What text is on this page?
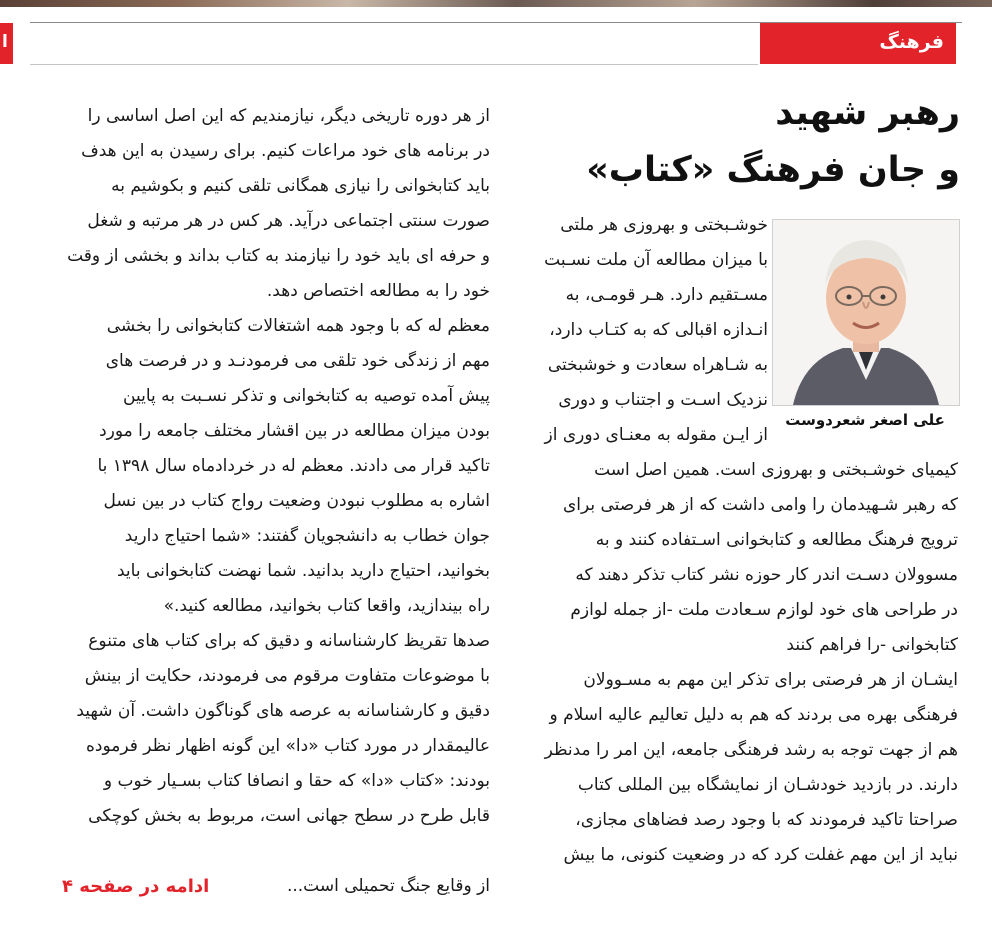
ا	فرهنگ
رهبر شهید
و جان فرهنگ «کتاب»
علی اصغر شعردوست
خوشـبختی و بهروزی هر ملتی
با میزان مطالعه آن ملت نسـبت
مسـتقیم دارد. هـر قومـی، به
انـدازه اقبالی که به کتـاب دارد،
به شـاهراه سعادت و خوشبختی
نزدیک اسـت و اجتناب و دوری
از ایـن مقوله به معنـای دوری از
کیمیای خوشـبختی و بهروزی است. همین اصل است
که رهبر شـهیدمان را وامی داشت که از هر فرصتی برای
ترویج فرهنگ مطالعه و کتابخوانی اسـتفاده کنند و به
مسوولان دسـت اندر کار حوزه نشر کتاب تذکر دهند که
در طراحی های خود لوازم سـعادت ملت -از جمله لوازم
کتابخوانی -را فراهم کنند
ایشـان از هر فرصتی برای تذکر این مهم به مسـوولان
فرهنگی بهره می بردند که هم به دلیل تعالیم عالیه اسلام و
هم از جهت توجه به رشد فرهنگی جامعه، این امر را مدنظر
دارند. در بازدید خودشـان از نمایشگاه بین المللی کتاب
صراحتا تاکید فرمودند که با وجود رصد فضاهای مجازی،
نباید از این مهم غفلت کرد که در وضعیت کنونی، ما بیش
از هر دوره تاریخی دیگر، نیازمندیم که این اصل اساسی را
در برنامه های خود مراعات کنیم. برای رسیدن به این هدف
باید کتابخوانی را نیازی همگانی تلقی کنیم و بکوشیم به
صورت سنتی اجتماعی درآید. هر کس در هر مرتبه و شغل
و حرفه ای باید خود را نیازمند به کتاب بداند و بخشی از وقت
خود را به مطالعه اختصاص دهد.
معظم له که با وجود همه اشتغالات کتابخوانی را بخشی
مهم از زندگی خود تلقی می فرمودنـد و در فرصت های
پیش آمده توصیه به کتابخوانی و تذکر نسـبت به پایین
بودن میزان مطالعه در بین اقشار مختلف جامعه را مورد
تاکید قرار می دادند. معظم له در خردادماه سال ۱۳۹۸ با
اشاره به مطلوب نبودن وضعیت رواج کتاب در بین نسل
جوان خطاب به دانشجویان گفتند: «شما احتیاج دارید
بخوانید، احتیاج دارید بدانید. شما نهضت کتابخوانی باید
راه بیندازید، واقعا کتاب بخوانید، مطالعه کنید.»
صدها تقریظ کارشناسانه و دقیق که برای کتاب های متنوع
با موضوعات متفاوت مرقوم می فرمودند، حکایت از بینش
دقیق و کارشناسانه به عرصه های گوناگون داشت. آن شهید
عالیمقدار در مورد کتاب «دا» این گونه اظهار نظر فرموده
بودند: «کتاب «دا» که حقا و انصافا کتاب بسـیار خوب و
قابل طرح در سطح جهانی است، مربوط به بخش کوچکی
از وقایع جنگ تحمیلی است...
ادامه در صفحه ۴
